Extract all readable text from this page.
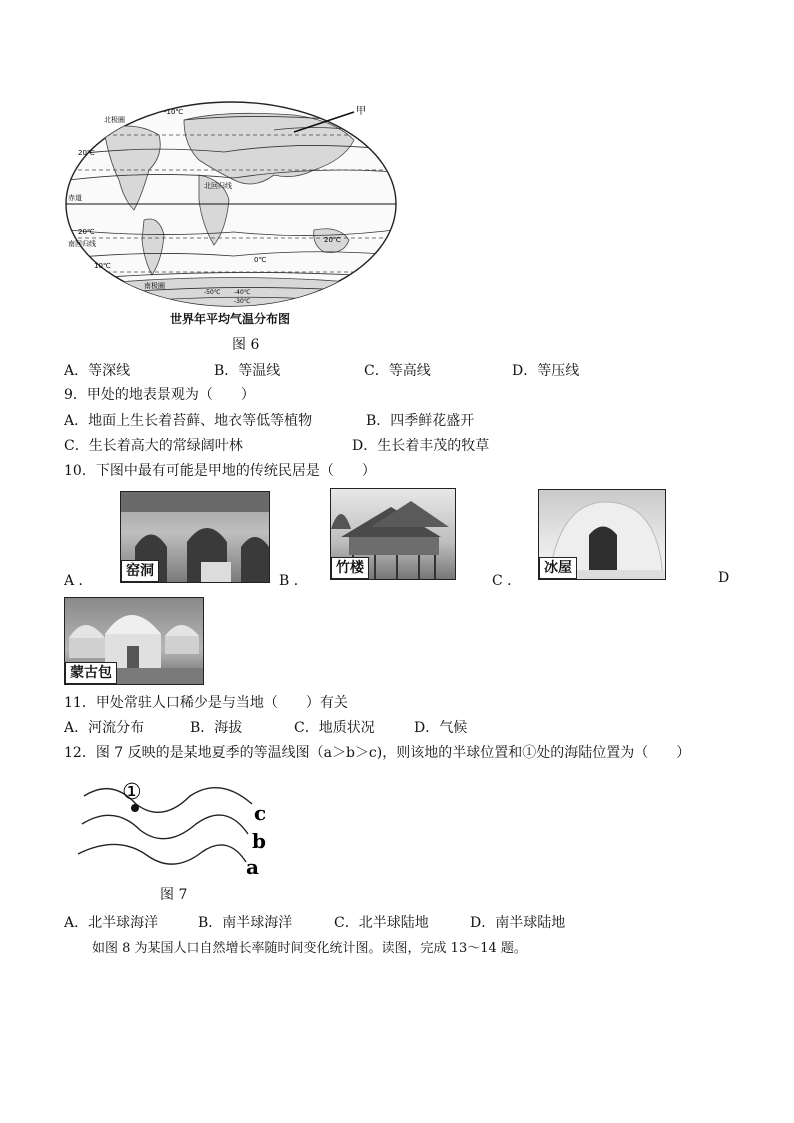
甲
北极圈
-10℃
20℃
北回归线
赤道
20℃
南回归线
10℃
0℃
20℃
南极圈
-50℃ -40℃
-30℃
世界年平均气温分布图
图 6
A．等深线	B．等温线	C．等高线	D．等压线
9．甲处的地表景观为（　　）
A．地面上生长着苔藓、地衣等低等植物	B．四季鲜花盛开
C．生长着高大的常绿阔叶林	D．生长着丰茂的牧草
10．下图中最有可能是甲地的传统民居是（　　）
A ．
窑洞
B ．
竹楼
C ．
冰屋
D
蒙古包
11．甲处常驻人口稀少是与当地（　　）有关
A．河流分布	B．海拔	C．地质状况	D．气候
12．图 7 反映的是某地夏季的等温线图（a＞b＞c)，则该地的半球位置和①处的海陆位置为（　　）
①
c
b
a
图 7
A．北半球海洋	B．南半球海洋	C．北半球陆地	D．南半球陆地
如图 8 为某国人口自然增长率随时间变化统计图。读图，完成 13～14 题。
